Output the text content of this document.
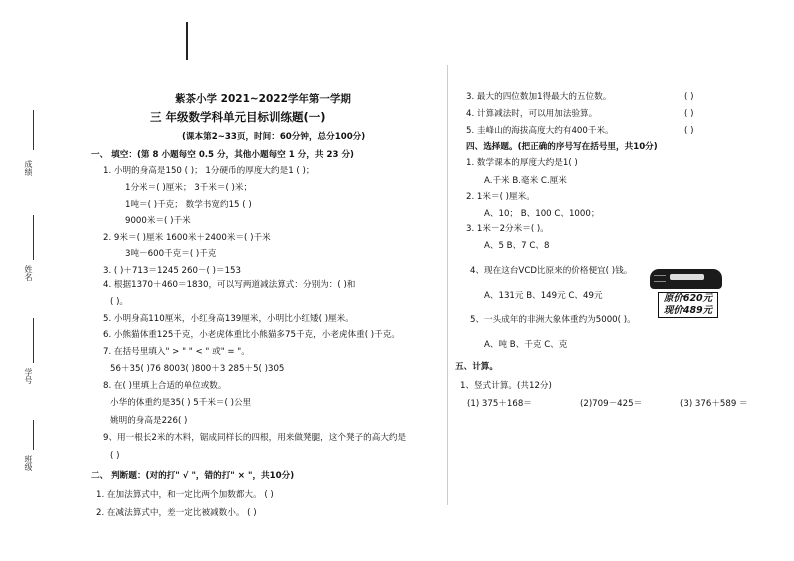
成绩
姓名
学号
班级
紫茶小学 2021~2022学年第一学期
三 年级数学科单元目标训练题(一)
(课本第2~33页，时间：60分钟，总分100分)
一、 填空：(第 8 小题每空 0.5 分，其他小题每空 1 分，共 23 分)
1. 小明的身高是150 ( )； 1分硬币的厚度大约是1 ( )；
1分米＝( )厘米； 3千米＝( )米；
1吨＝( )千克； 数学书宽约15 ( )
9000米＝( )千米
2. 9米＝( )厘米 1600米＋2400米＝( )千米
3吨－600千克＝( )千克
3. ( )＋713＝1245 260－( )＝153
4. 根据1370＋460＝1830，可以写两道减法算式：分别为：( )和
( )。
5. 小明身高110厘米，小红身高139厘米，小明比小红矮( )厘米。
6. 小熊猫体重125千克，小老虎体重比小熊猫多75千克，小老虎体重( )千克。
7. 在括号里填入" > " " < " 或" = "。
56＋35( )76 8003( )800＋3 285＋5( )305
8. 在( )里填上合适的单位或数。
小华的体重约是35( ) 5千米＝( )公里
姚明的身高是226( )
9、用一根长2米的木料，锯成同样长的四根，用来做凳腿，这个凳子的高大约是
( )
二、 判断题：(对的打" √ "，错的打" × "，共10分)
1. 在加法算式中，和一定比两个加数都大。 ( )
2. 在减法算式中，差一定比被减数小。 ( )
3. 最大的四位数加1得最大的五位数。	( )
4. 计算减法时，可以用加法验算。	( )
5. 圭峰山的海拔高度大约有400千米。	( )
四、选择题。(把正确的序号写在括号里，共10分)
1. 数学课本的厚度大约是1( )
A.千米 B.毫米 C.厘米
2. 1米＝( )厘米。
A、10； B、100 C、1000；
3. 1米－2分米＝( )。
A、5 B、7 C、8
4、现在这台VCD比原来的价格便宜( )钱。
A、131元 B、149元 C、49元
5、一头成年的非洲大象体重约为5000( )。
A、吨 B、千克 C、克
五、计算。
1、竖式计算。(共12分)
(1) 375＋168＝	(2)709－425＝	(3) 376＋589 ＝
原价620元
现价489元
